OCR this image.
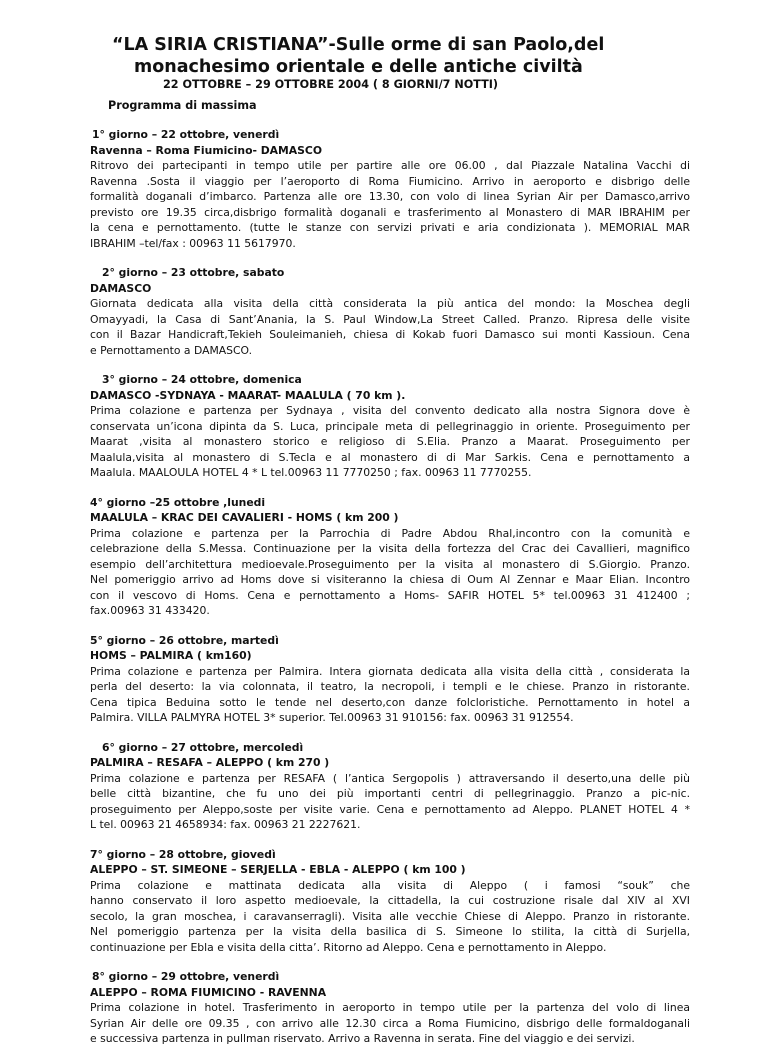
“LA SIRIA CRISTIANA”-Sulle orme di san Paolo,del
monachesimo orientale e delle antiche civiltà
22 OTTOBRE – 29 OTTOBRE 2004 ( 8 GIORNI/7 NOTTI)
Programma di massima
1° giorno – 22 ottobre, venerdì
Ravenna – Roma Fiumicino- DAMASCO
Ritrovo dei partecipanti in tempo utile per partire alle ore 06.00 , dal Piazzale Natalina Vacchi di
Ravenna .Sosta il viaggio per l’aeroporto di Roma Fiumicino. Arrivo in aeroporto e disbrigo delle
formalità doganali d’imbarco. Partenza alle ore 13.30, con volo di linea Syrian Air per Damasco,arrivo
previsto ore 19.35 circa,disbrigo formalità doganali e trasferimento al Monastero di MAR IBRAHIM per
la cena e pernottamento. (tutte le stanze con servizi privati e aria condizionata ). MEMORIAL MAR
IBRAHIM –tel/fax : 00963 11 5617970.
2° giorno – 23 ottobre, sabato
DAMASCO
Giornata dedicata alla visita della città considerata la più antica del mondo: la Moschea degli
Omayyadi, la Casa di Sant’Anania, la S. Paul Window,La Street Called. Pranzo. Ripresa delle visite
con il Bazar Handicraft,Tekieh Souleimanieh, chiesa di Kokab fuori Damasco sui monti Kassioun. Cena
e Pernottamento a DAMASCO.
3° giorno – 24 ottobre, domenica
DAMASCO -SYDNAYA - MAARAT- MAALULA ( 70 km ).
Prima colazione e partenza per Sydnaya , visita del convento dedicato alla nostra Signora dove è
conservata un’icona dipinta da S. Luca, principale meta di pellegrinaggio in oriente. Proseguimento per
Maarat ,visita al monastero storico e religioso di S.Elia. Pranzo a Maarat. Proseguimento per
Maalula,visita al monastero di S.Tecla e al monastero di di Mar Sarkis. Cena e pernottamento a
Maalula. MAALOULA HOTEL 4 * L tel.00963 11 7770250 ; fax. 00963 11 7770255.
4° giorno –25 ottobre ,lunedi
MAALULA – KRAC DEI CAVALIERI - HOMS ( km 200 )
Prima colazione e partenza per la Parrochia di Padre Abdou Rhal,incontro con la comunità e
celebrazione della S.Messa. Continuazione per la visita della fortezza del Crac dei Cavallieri, magnifico
esempio dell’architettura medioevale.Proseguimento per la visita al monastero di S.Giorgio. Pranzo.
Nel pomeriggio arrivo ad Homs dove si visiteranno la chiesa di Oum Al Zennar e Maar Elian. Incontro
con il vescovo di Homs. Cena e pernottamento a Homs- SAFIR HOTEL 5* tel.00963 31 412400 ;
fax.00963 31 433420.
5° giorno – 26 ottobre, martedì
HOMS – PALMIRA ( km160)
Prima colazione e partenza per Palmira. Intera giornata dedicata alla visita della città , considerata la
perla del deserto: la via colonnata, il teatro, la necropoli, i templi e le chiese. Pranzo in ristorante.
Cena tipica Beduina sotto le tende nel deserto,con danze folcloristiche. Pernottamento in hotel a
Palmira. VILLA PALMYRA HOTEL 3* superior. Tel.00963 31 910156: fax. 00963 31 912554.
6° giorno – 27 ottobre, mercoledì
PALMIRA – RESAFA – ALEPPO ( km 270 )
Prima colazione e partenza per RESAFA ( l’antica Sergopolis ) attraversando il deserto,una delle più
belle città bizantine, che fu uno dei più importanti centri di pellegrinaggio. Pranzo a pic-nic.
proseguimento per Aleppo,soste per visite varie. Cena e pernottamento ad Aleppo. PLANET HOTEL 4 *
L tel. 00963 21 4658934: fax. 00963 21 2227621.
7° giorno – 28 ottobre, giovedì
ALEPPO – ST. SIMEONE – SERJELLA - EBLA - ALEPPO ( km 100 )
Prima colazione e mattinata dedicata alla visita di Aleppo ( i famosi “souk” che
hanno conservato il loro aspetto medioevale, la cittadella, la cui costruzione risale dal XIV al XVI
secolo, la gran moschea, i caravanserragli). Visita alle vecchie Chiese di Aleppo. Pranzo in ristorante.
Nel pomeriggio partenza per la visita della basilica di S. Simeone lo stilita, la città di Surjella,
continuazione per Ebla e visita della citta’. Ritorno ad Aleppo. Cena e pernottamento in Aleppo.
8° giorno – 29 ottobre, venerdì
ALEPPO – ROMA FIUMICINO - RAVENNA
Prima colazione in hotel. Trasferimento in aeroporto in tempo utile per la partenza del volo di linea
Syrian Air delle ore 09.35 , con arrivo alle 12.30 circa a Roma Fiumicino, disbrigo delle formaldoganali
e successiva partenza in pullman riservato. Arrivo a Ravenna in serata. Fine del viaggio e dei servizi.
